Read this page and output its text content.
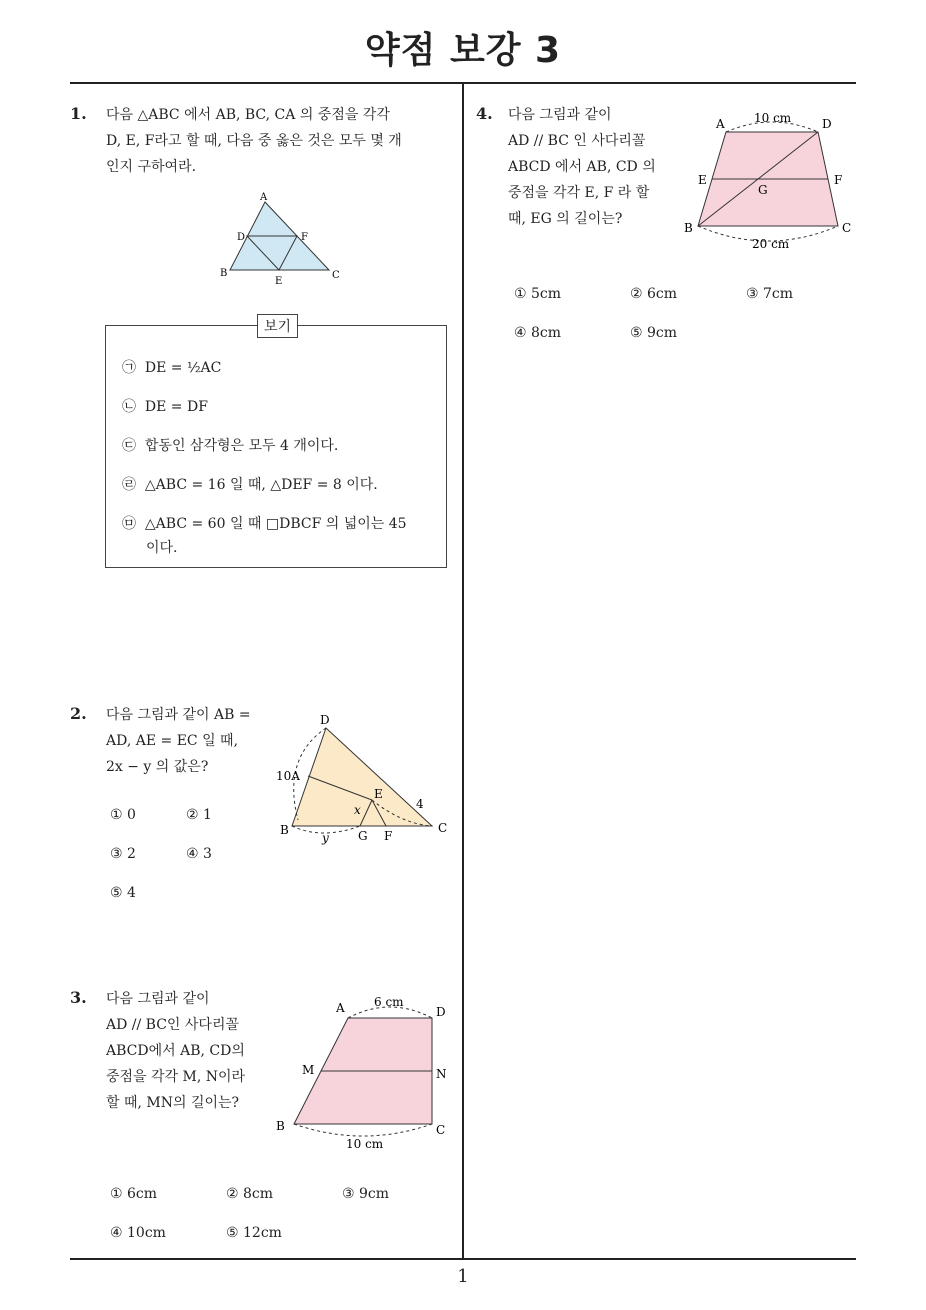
약점 보강 3
1. 다음 △ABC 에서 AB, BC, CA 의 중점을 각각

D, E, F라고 할 때, 다음 중 옳은 것은 모두 몇 개

인지 구하여라.

A
B	C
D
E
F
보기
㉠ DE = ½AC
㉡ DE = DF
㉢ 합동인 삼각형은 모두 4 개이다.
㉣ △ABC = 16 일 때, △DEF = 8 이다.
㉤ △ABC = 60 일 때 □DBCF 의 넓이는 45
이다.
2. 다음 그림과 같이 AB =

AD, AE = EC 일 때,

2x − y 의 값은?

① 0	② 1
③ 2	④ 3
⑤ 4
D
10A
E
4
x
B	G F
C
y
3. 다음 그림과 같이

AD // BC인 사다리꼴

ABCD에서 AB, CD의

중점을 각각 M, N이라

할 때, MN의 길이는?

A	D
6 cm
M	N
B	C
10 cm
① 6cm	② 8cm	③ 9cm
④ 10cm	⑤ 12cm
4. 다음 그림과 같이

AD // BC 인 사다리꼴

ABCD 에서 AB, CD 의

중점을 각각 E, F 라 할

때, EG 의 길이는?

A	D
10 cm
E
G
F
B	C
20 cm
① 5cm	② 6cm	③ 7cm
④ 8cm	⑤ 9cm
1
